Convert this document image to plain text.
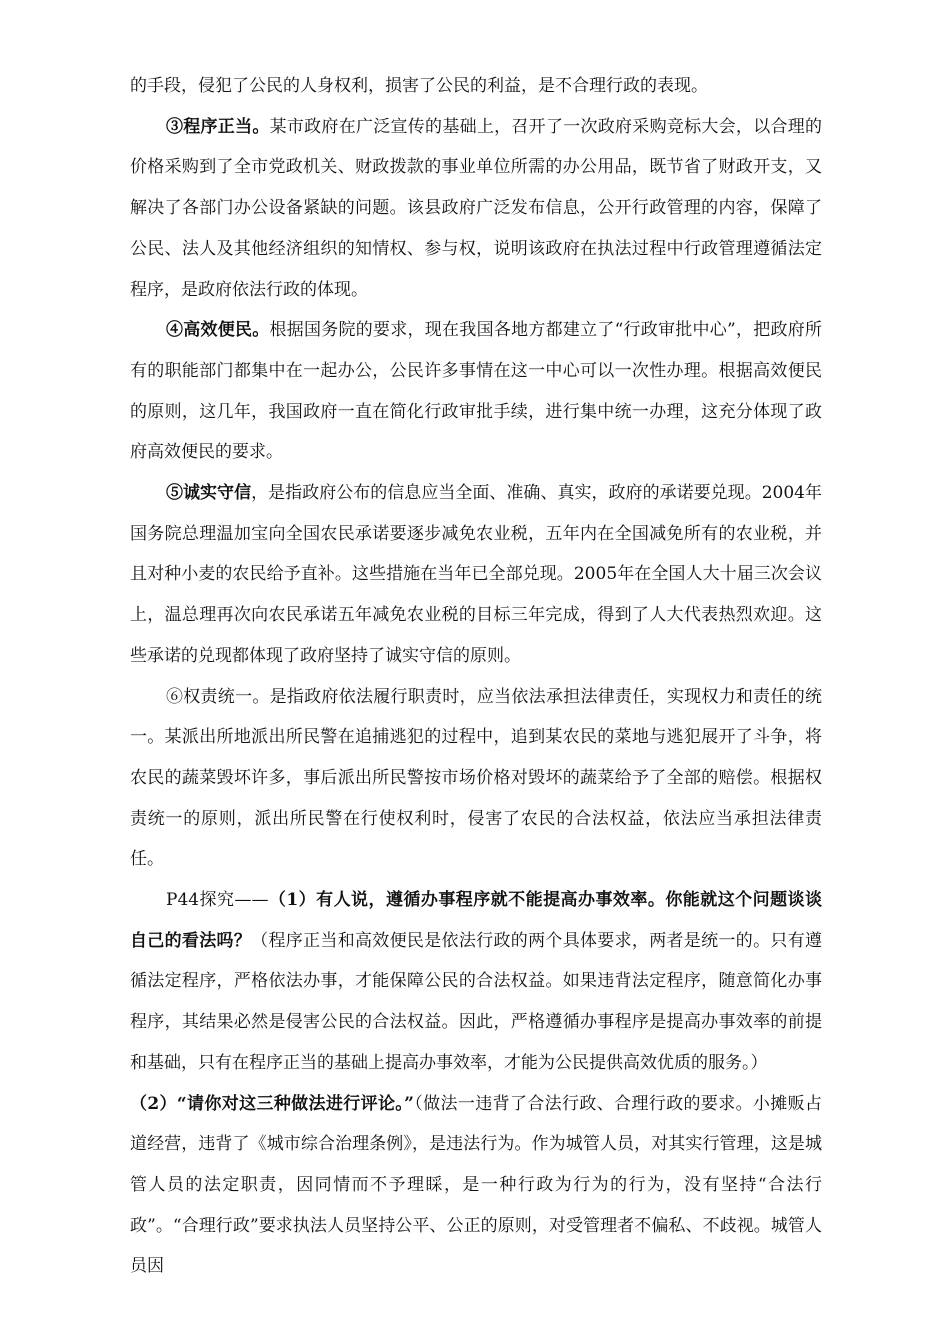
的手段，侵犯了公民的人身权利，损害了公民的利益，是不合理行政的表现。

③程序正当。某市政府在广泛宣传的基础上，召开了一次政府采购竞标大会，以合理的价格采购到了全市党政机关、财政拨款的事业单位所需的办公用品，既节省了财政开支，又解决了各部门办公设备紧缺的问题。该县政府广泛发布信息，公开行政管理的内容，保障了公民、法人及其他经济组织的知情权、参与权，说明该政府在执法过程中行政管理遵循法定程序，是政府依法行政的体现。

④高效便民。根据国务院的要求，现在我国各地方都建立了“行政审批中心”，把政府所有的职能部门都集中在一起办公，公民许多事情在这一中心可以一次性办理。根据高效便民的原则，这几年，我国政府一直在简化行政审批手续，进行集中统一办理，这充分体现了政府高效便民的要求。

⑤诚实守信，是指政府公布的信息应当全面、准确、真实，政府的承诺要兑现。2004年国务院总理温加宝向全国农民承诺要逐步减免农业税，五年内在全国减免所有的农业税，并且对种小麦的农民给予直补。这些措施在当年已全部兑现。2005年在全国人大十届三次会议上，温总理再次向农民承诺五年减免农业税的目标三年完成，得到了人大代表热烈欢迎。这些承诺的兑现都体现了政府坚持了诚实守信的原则。

⑥权责统一。是指政府依法履行职责时，应当依法承担法律责任，实现权力和责任的统一。某派出所地派出所民警在追捕逃犯的过程中，追到某农民的菜地与逃犯展开了斗争，将农民的蔬菜毁坏许多，事后派出所民警按市场价格对毁坏的蔬菜给予了全部的赔偿。根据权责统一的原则，派出所民警在行使权利时，侵害了农民的合法权益，依法应当承担法律责任。

P44探究——（1）有人说，遵循办事程序就不能提高办事效率。你能就这个问题谈谈自己的看法吗？（程序正当和高效便民是依法行政的两个具体要求，两者是统一的。只有遵循法定程序，严格依法办事，才能保障公民的合法权益。如果违背法定程序，随意简化办事程序，其结果必然是侵害公民的合法权益。因此，严格遵循办事程序是提高办事效率的前提和基础，只有在程序正当的基础上提高办事效率，才能为公民提供高效优质的服务。）

（2）“请你对这三种做法进行评论。”（做法一违背了合法行政、合理行政的要求。小摊贩占道经营，违背了《城市综合治理条例》，是违法行为。作为城管人员，对其实行管理，这是城管人员的法定职责，因同情而不予理睬，是一种行政为行为的行为，没有坚持“合法行政”。“合理行政”要求执法人员坚持公平、公正的原则，对受管理者不偏私、不歧视。城管人员因
